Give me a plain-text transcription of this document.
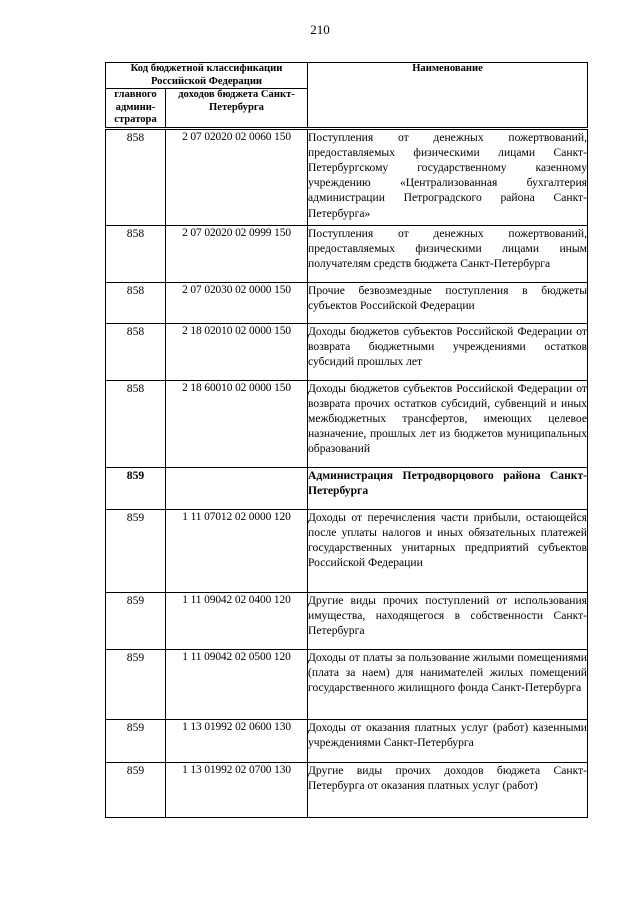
210
Код бюджетной классификации Российской Федерации		Наименование
главного админи- стратора	доходов бюджета Санкт-Петербурга	
858	2 07 02020 02 0060 150	Поступления от денежных пожертвований, предоставляемых физическими лицами Санкт-Петербургскому государственному казенному учреждению «Централизованная бухгалтерия администрации Петроградского района Санкт-Петербурга»
858	2 07 02020 02 0999 150	Поступления от денежных пожертвований, предоставляемых физическими лицами иным получателям средств бюджета Санкт-Петербурга
858	2 07 02030 02 0000 150	Прочие безвозмездные поступления в бюджеты субъектов Российской Федерации
858	2 18 02010 02 0000 150	Доходы бюджетов субъектов Российской Федерации от возврата бюджетными учреждениями остатков субсидий прошлых лет
858	2 18 60010 02 0000 150	Доходы бюджетов субъектов Российской Федерации от возврата прочих остатков субсидий, субвенций и иных межбюджетных трансфертов, имеющих целевое назначение, прошлых лет из бюджетов муниципальных образований
859		Администрация Петродворцового района Санкт-Петербурга
859	1 11 07012 02 0000 120	Доходы от перечисления части прибыли, остающейся после уплаты налогов и иных обязательных платежей государственных унитарных предприятий субъектов Российской Федерации
859	1 11 09042 02 0400 120	Другие виды прочих поступлений от использования имущества, находящегося в собственности Санкт-Петербурга
859	1 11 09042 02 0500 120	Доходы от платы за пользование жилыми помещениями (плата за наем) для нанимателей жилых помещений государственного жилищного фонда Санкт-Петербурга
859	1 13 01992 02 0600 130	Доходы от оказания платных услуг (работ) казенными учреждениями Санкт-Петербурга
859	1 13 01992 02 0700 130	Другие виды прочих доходов бюджета Санкт-Петербурга от оказания платных услуг (работ)
